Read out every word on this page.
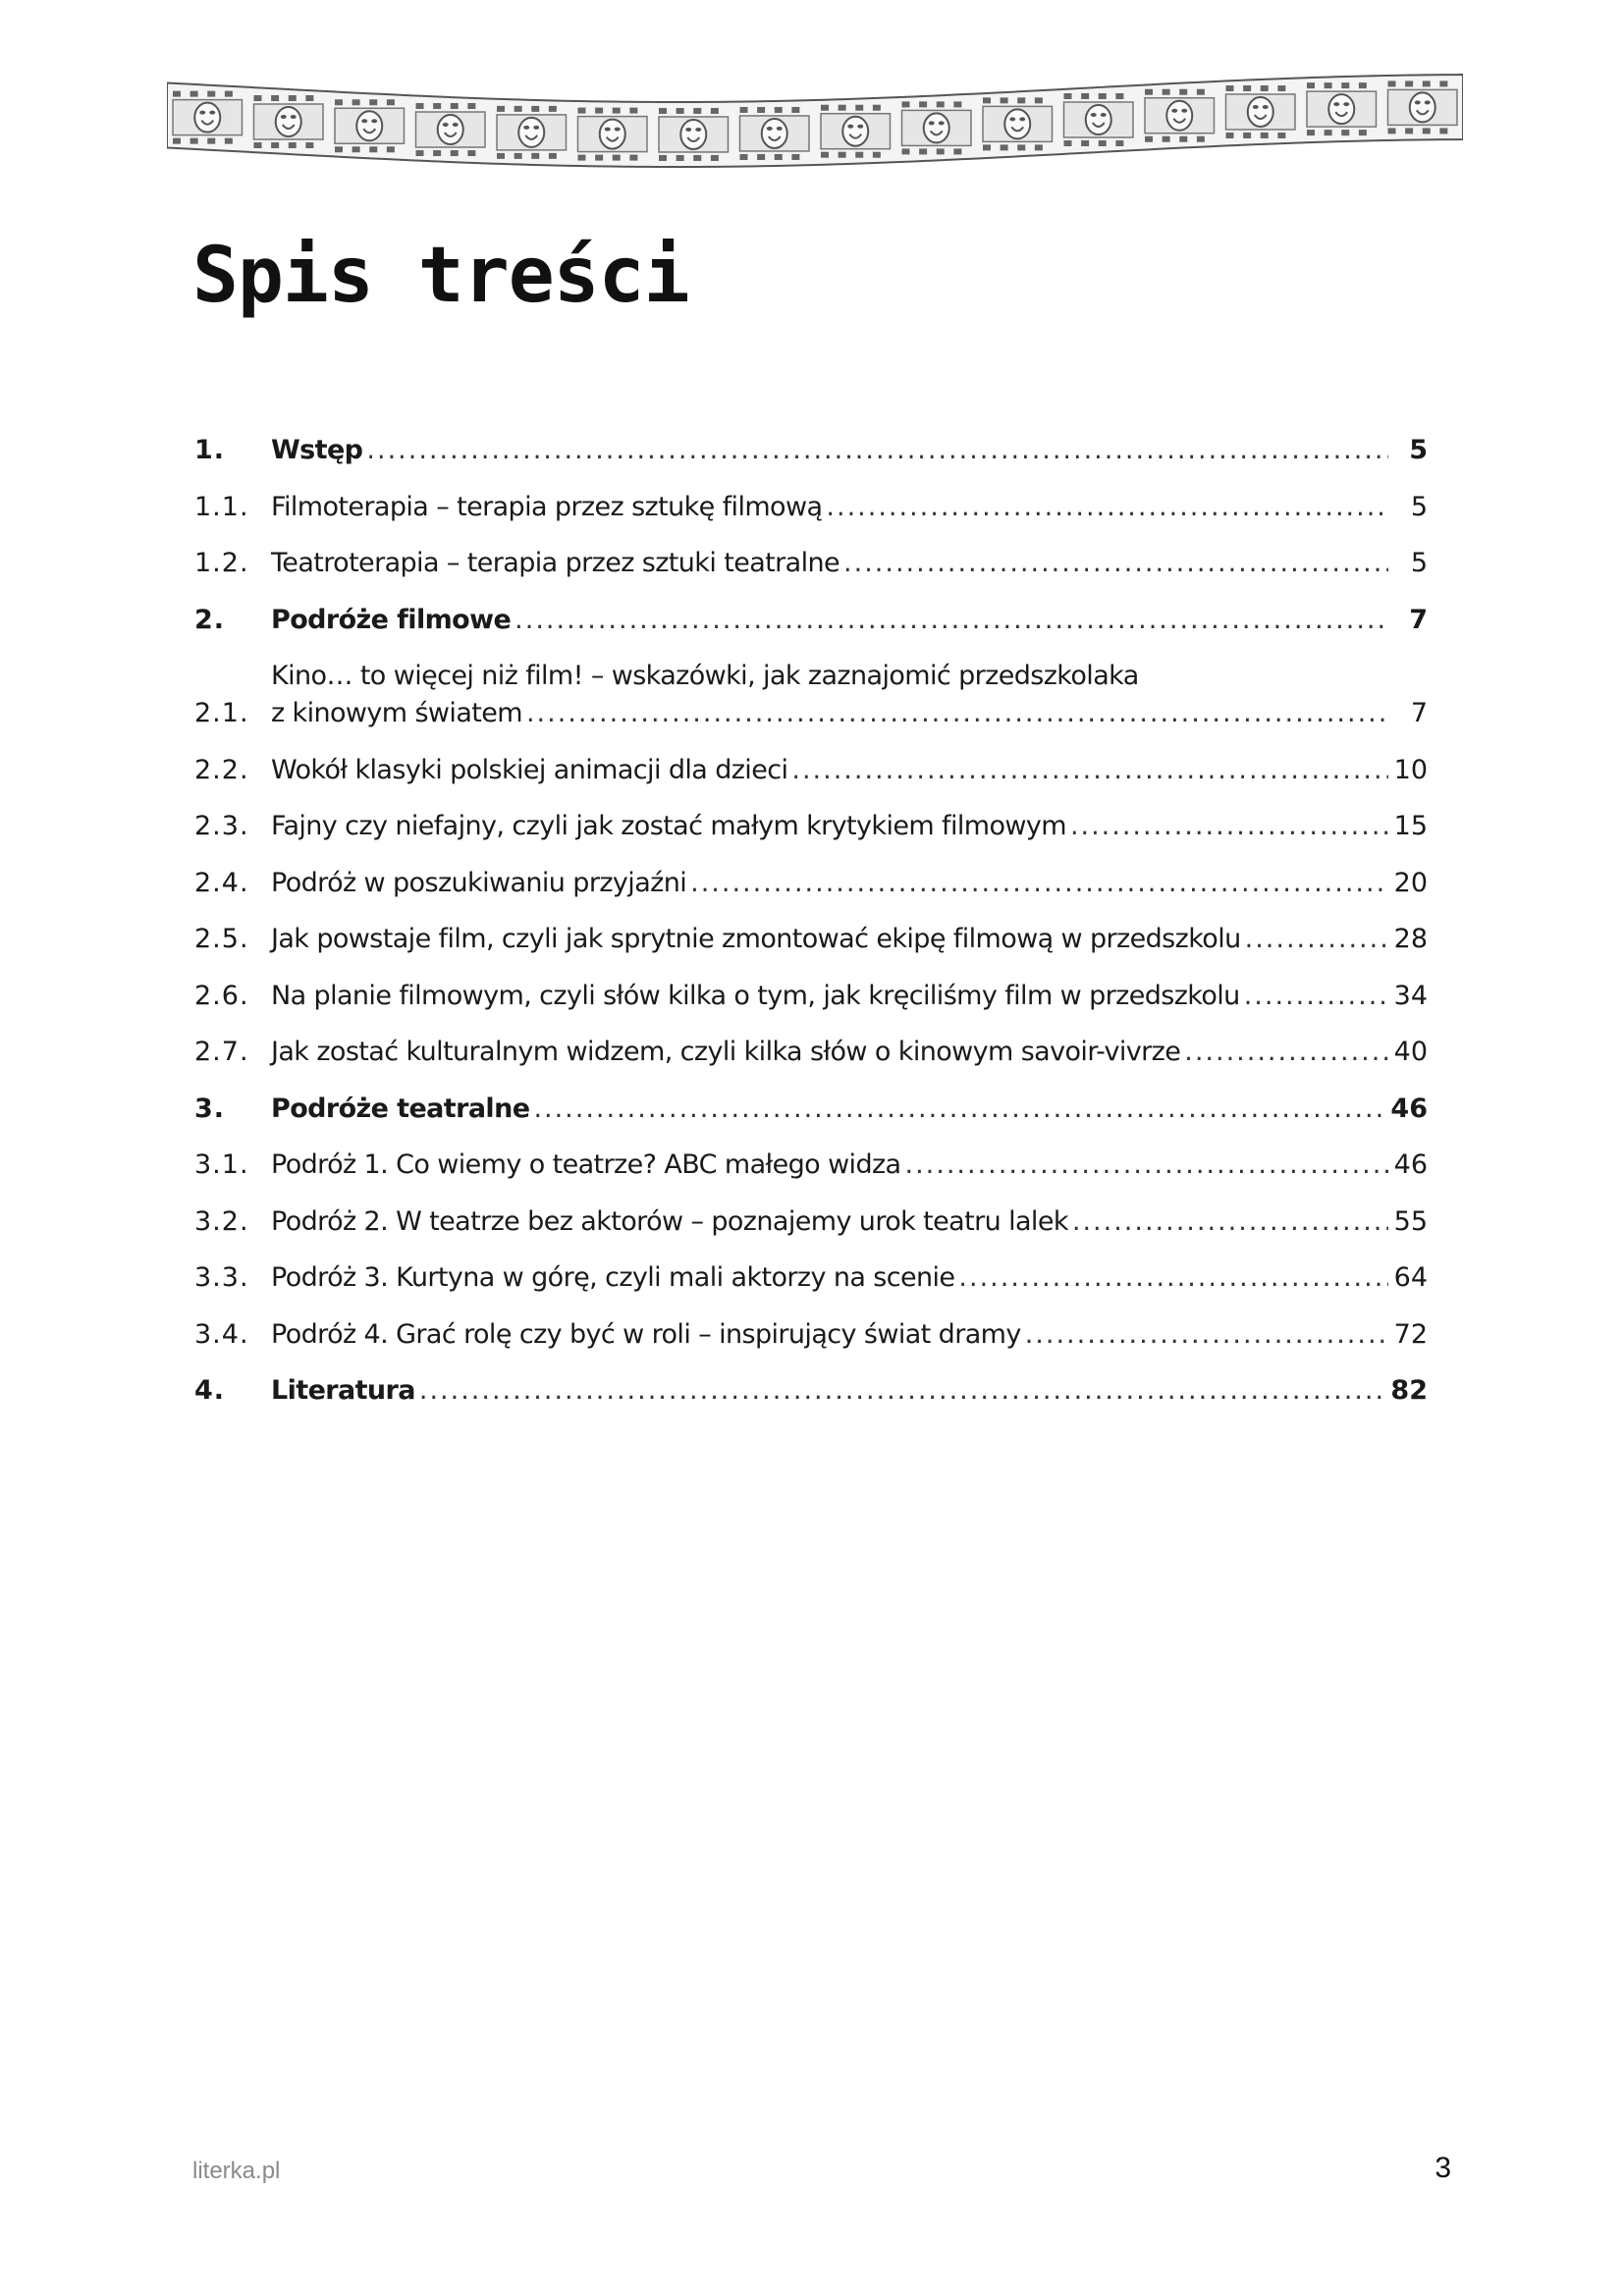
Spis treści
1.	Wstęp .....	5
1.1. Filmoterapia – terapia przez sztukę filmową .....	5
1.2. Teatroterapia – terapia przez sztuki teatralne .....	5
2.	Podróże filmowe .....	7
2.1.
Kino… to więcej niż film! – wskazówki, jak zaznajomić przedszkolaka
z kinowym światem .....	7
2.2. Wokół klasyki polskiej animacji dla dzieci .....	10
2.3. Fajny czy niefajny, czyli jak zostać małym krytykiem filmowym .....	15
2.4. Podróż w poszukiwaniu przyjaźni .....	20
2.5. Jak powstaje film, czyli jak sprytnie zmontować ekipę filmową w przedszkolu .....	28
2.6. Na planie filmowym, czyli słów kilka o tym, jak kręciliśmy film w przedszkolu .....	34
2.7. Jak zostać kulturalnym widzem, czyli kilka słów o kinowym savoir-vivrze .....	40
3.	Podróże teatralne .....	46
3.1. Podróż 1. Co wiemy o teatrze? ABC małego widza .....	46
3.2. Podróż 2. W teatrze bez aktorów – poznajemy urok teatru lalek .....	55
3.3. Podróż 3. Kurtyna w górę, czyli mali aktorzy na scenie .....	64
3.4. Podróż 4. Grać rolę czy być w roli – inspirujący świat dramy .....	72
4.	Literatura .....	82
literka.pl	3
